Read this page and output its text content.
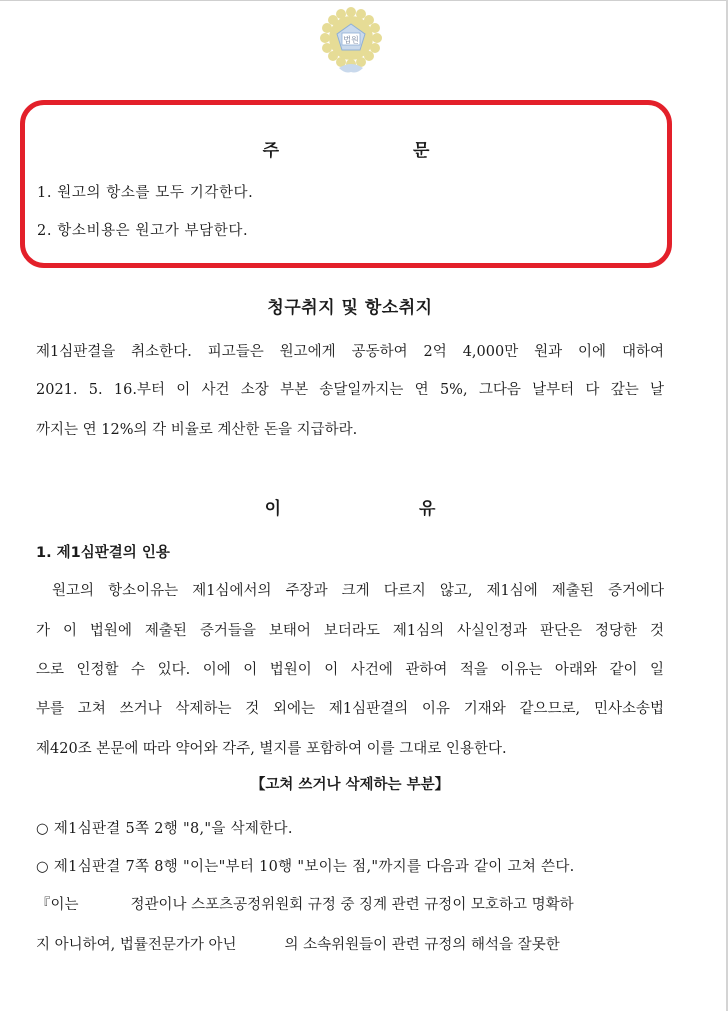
법원
주 문
1. 원고의 항소를 모두 기각한다.
2. 항소비용은 원고가 부담한다.
청구취지 및 항소취지
제1심판결을 취소한다. 피고들은 원고에게 공동하여 2억 4,000만 원과 이에 대하여
2021. 5. 16.부터 이 사건 소장 부본 송달일까지는 연 5%, 그다음 날부터 다 갚는 날
까지는 연 12%의 각 비율로 계산한 돈을 지급하라.
이 유
1. 제1심판결의 인용
원고의 항소이유는 제1심에서의 주장과 크게 다르지 않고, 제1심에 제출된 증거에다
가 이 법원에 제출된 증거들을 보태어 보더라도 제1심의 사실인정과 판단은 정당한 것
으로 인정할 수 있다. 이에 이 법원이 이 사건에 관하여 적을 이유는 아래와 같이 일
부를 고쳐 쓰거나 삭제하는 것 외에는 제1심판결의 이유 기재와 같으므로, 민사소송법
제420조 본문에 따라 약어와 각주, 별지를 포함하여 이를 그대로 인용한다.
【고쳐 쓰거나 삭제하는 부분】
○ 제1심판결 5쪽 2행 "8,"을 삭제한다.
○ 제1심판결 7쪽 8행 "이는"부터 10행 "보이는 점,"까지를 다음과 같이 고쳐 쓴다.
『이는	정관이나 스포츠공정위원회 규정 중 징계 관련 규정이 모호하고 명확하
지 아니하여, 법률전문가가 아닌	의 소속위원들이 관련 규정의 해석을 잘못한
